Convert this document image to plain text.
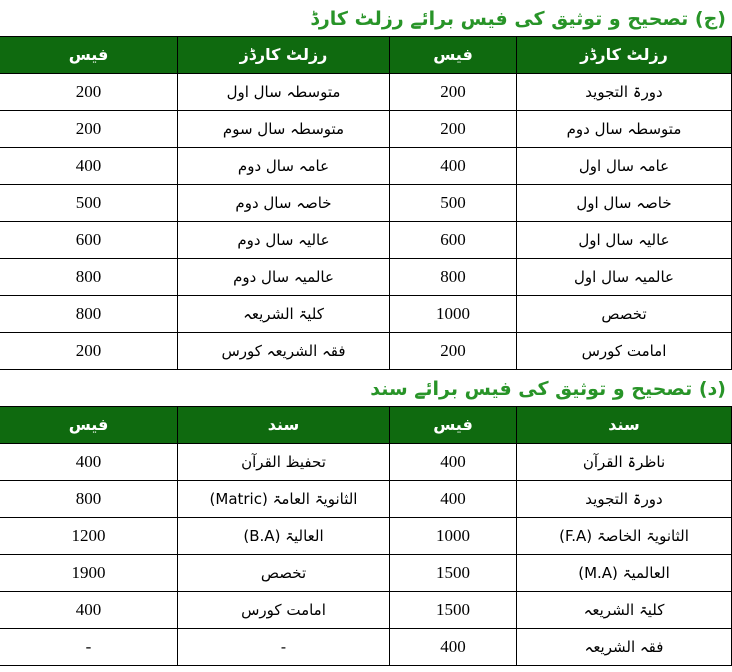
(ج) تصحیح و توثیق کی فیس برائے رزلٹ کارڈ
رزلٹ کارڈز	فیس	رزلٹ کارڈز	فیس
دورۃ التجوید	200	متوسطہ سال اول	200
متوسطہ سال دوم	200	متوسطہ سال سوم	200
عامہ سال اول	400	عامہ سال دوم	400
خاصہ سال اول	500	خاصہ سال دوم	500
عالیہ سال اول	600	عالیہ سال دوم	600
عالمیہ سال اول	800	عالمیہ سال دوم	800
تخصص	1000	کلیۃ الشریعہ	800
امامت کورس	200	فقہ الشریعہ کورس	200
(د) تصحیح و توثیق کی فیس برائے سند
سند	فیس	سند	فیس
ناظرۃ القرآن	400	تحفیظ القرآن	400
دورۃ التجوید	400	الثانویۃ العامۃ (Matric)	800
الثانویۃ الخاصۃ (F.A)	1000	العالیۃ (B.A)	1200
العالمیۃ (M.A)	1500	تخصص	1900
کلیۃ الشریعہ	1500	امامت کورس	400
فقہ الشریعہ	400	-	-
